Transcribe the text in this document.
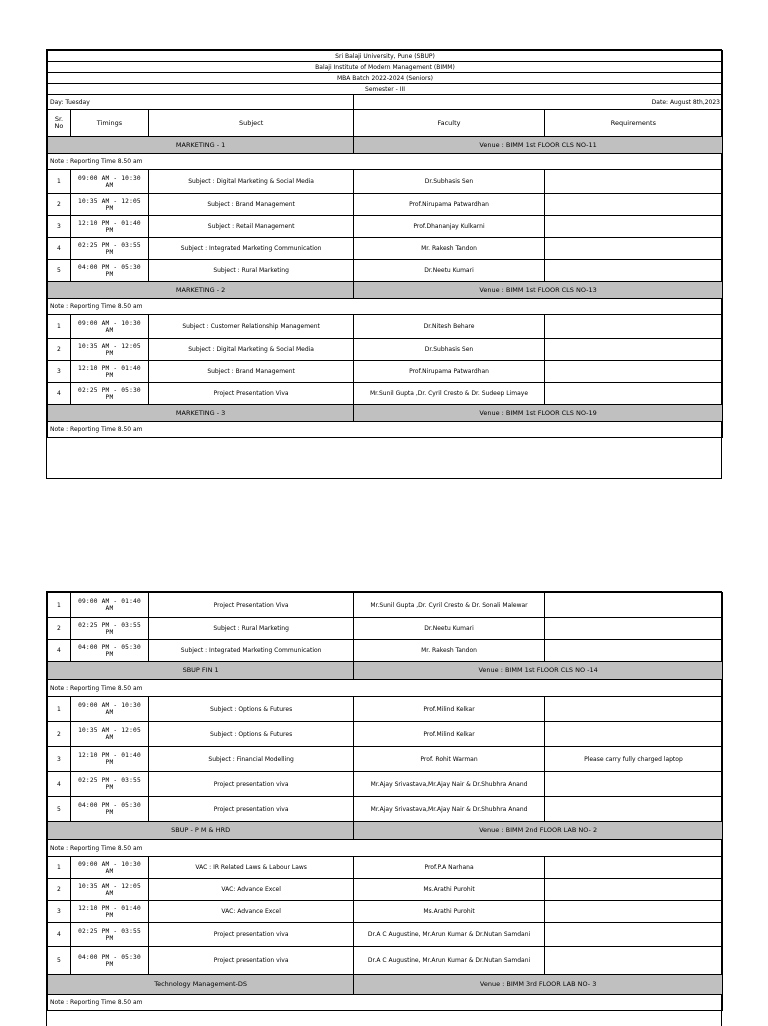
Sri Balaji University, Pune (SBUP)				
Balaji Institute of Modern Management (BIMM)				
MBA Batch 2022-2024 (Seniors)				
Semester - III				
Day: Tuesday			Date: August 8th,2023	
Sr. No	Timings	Subject	Faculty	Requirements
MARKETING - 1			Venue : BIMM 1st FLOOR CLS NO-11	
Note : Reporting Time 8.50 am				
1	09:00 AM - 10:30 AM	Subject : Digital Marketing & Social Media	Dr.Subhasis Sen	
2	10:35 AM - 12:05 PM	Subject : Brand Management	Prof.Nirupama Patwardhan	
3	12:10 PM - 01:40 PM	Subject : Retail Management	Prof.Dhananjay Kulkarni	
4	02:25 PM - 03:55 PM	Subject : Integrated Marketing Communication	Mr. Rakesh Tandon	
5	04:00 PM - 05:30 PM	Subject : Rural Marketing	Dr.Neetu Kumari	
MARKETING - 2			Venue : BIMM 1st FLOOR CLS NO-13	
Note : Reporting Time 8.50 am				
1	09:00 AM - 10:30 AM	Subject : Customer Relationship Management	Dr.Nitesh Behare	
2	10:35 AM - 12:05 PM	Subject : Digital Marketing & Social Media	Dr.Subhasis Sen	
3	12:10 PM - 01:40 PM	Subject : Brand Management	Prof.Nirupama Patwardhan	
4	02:25 PM - 05:30 PM	Project Presentation Viva	Mr.Sunil Gupta ,Dr. Cyril Cresto & Dr. Sudeep Limaye	
MARKETING - 3			Venue : BIMM 1st FLOOR CLS NO-19	
Note : Reporting Time 8.50 am				
1	09:00 AM - 01:40 AM	Project Presentation Viva	Mr.Sunil Gupta ,Dr. Cyril Cresto & Dr. Sonali Malewar	
2	02:25 PM - 03:55 PM	Subject : Rural Marketing	Dr.Neetu Kumari	
4	04:00 PM - 05:30 PM	Subject : Integrated Marketing Communication	Mr. Rakesh Tandon	
SBUP FIN 1			Venue : BIMM 1st FLOOR CLS NO -14	
Note : Reporting Time 8.50 am				
1	09:00 AM - 10:30 AM	Subject : Options & Futures	Prof.Milind Kelkar	
2	10:35 AM - 12:05 AM	Subject : Options & Futures	Prof.Milind Kelkar	
3	12:10 PM - 01:40 PM	Subject : Financial Modelling	Prof. Rohit Warman	Please carry fully charged laptop
4	02:25 PM - 03:55 PM	Project presentation viva	Mr.Ajay Srivastava,Mr.Ajay Nair & Dr.Shubhra Anand	
5	04:00 PM - 05:30 PM	Project presentation viva	Mr.Ajay Srivastava,Mr.Ajay Nair & Dr.Shubhra Anand	
SBUP - P M & HRD			Venue : BIMM 2nd FLOOR LAB NO- 2	
Note : Reporting Time 8.50 am				
1	09:00 AM - 10:30 AM	VAC : IR Related Laws & Labour Laws	Prof.P.A Narhana	
2	10:35 AM - 12:05 AM	VAC: Advance Excel	Ms.Arathi Purohit	
3	12:10 PM - 01:40 PM	VAC: Advance Excel	Ms.Arathi Purohit	
4	02:25 PM - 03:55 PM	Project presentation viva	Dr.A C Augustine, Mr.Arun Kumar & Dr.Nutan Samdani	
5	04:00 PM - 05:30 PM	Project presentation viva	Dr.A C Augustine, Mr.Arun Kumar & Dr.Nutan Samdani	
Technology Management-DS			Venue : BIMM 3rd FLOOR LAB NO- 3	
Note : Reporting Time 8.50 am				
